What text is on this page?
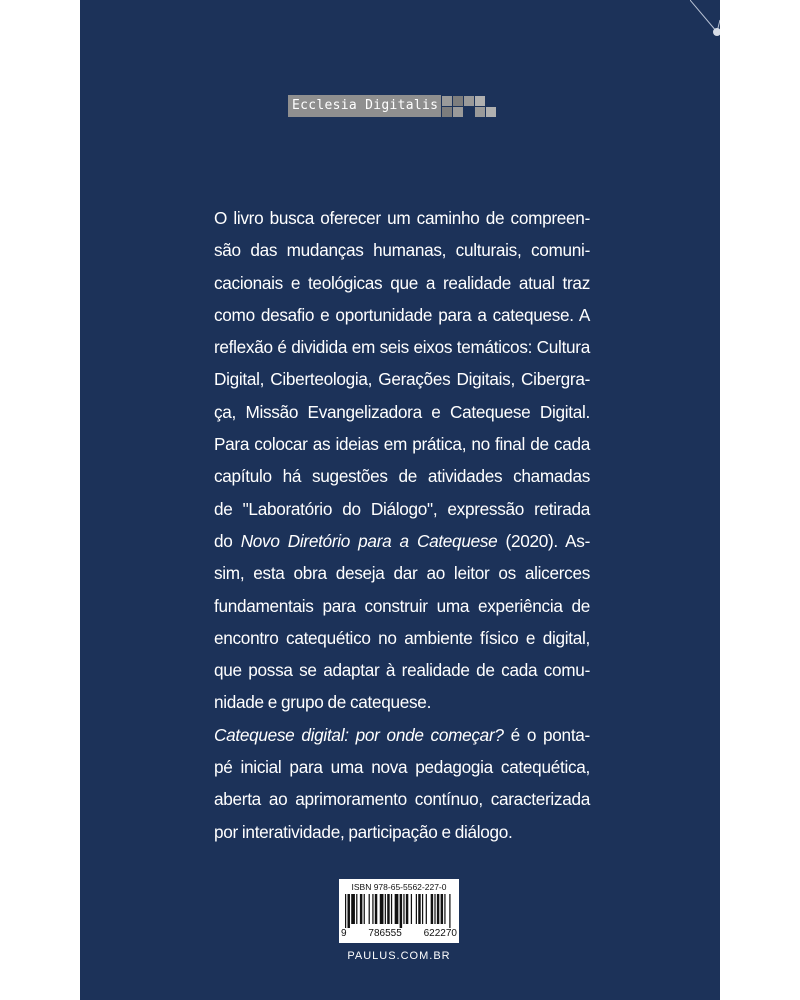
Ecclesia Digitalis
O livro busca oferecer um caminho de compreen-
são das mudanças humanas, culturais, comuni-
cacionais e teológicas que a realidade atual traz
como desafio e oportunidade para a catequese. A
reflexão é dividida em seis eixos temáticos: Cultura
Digital, Ciberteologia, Gerações Digitais, Cibergra-
ça, Missão Evangelizadora e Catequese Digital.
Para colocar as ideias em prática, no final de cada
capítulo há sugestões de atividades chamadas
de "Laboratório do Diálogo", expressão retirada
do Novo Diretório para a Catequese (2020). As-
sim, esta obra deseja dar ao leitor os alicerces
fundamentais para construir uma experiência de
encontro catequético no ambiente físico e digital,
que possa se adaptar à realidade de cada comu-
nidade e grupo de catequese.
Catequese digital: por onde começar? é o ponta-
pé inicial para uma nova pedagogia catequética,
aberta ao aprimoramento contínuo, caracterizada
por interatividade, participação e diálogo.
ISBN 978-65-5562-227-0
9 786555 622270
PAULUS.COM.BR
